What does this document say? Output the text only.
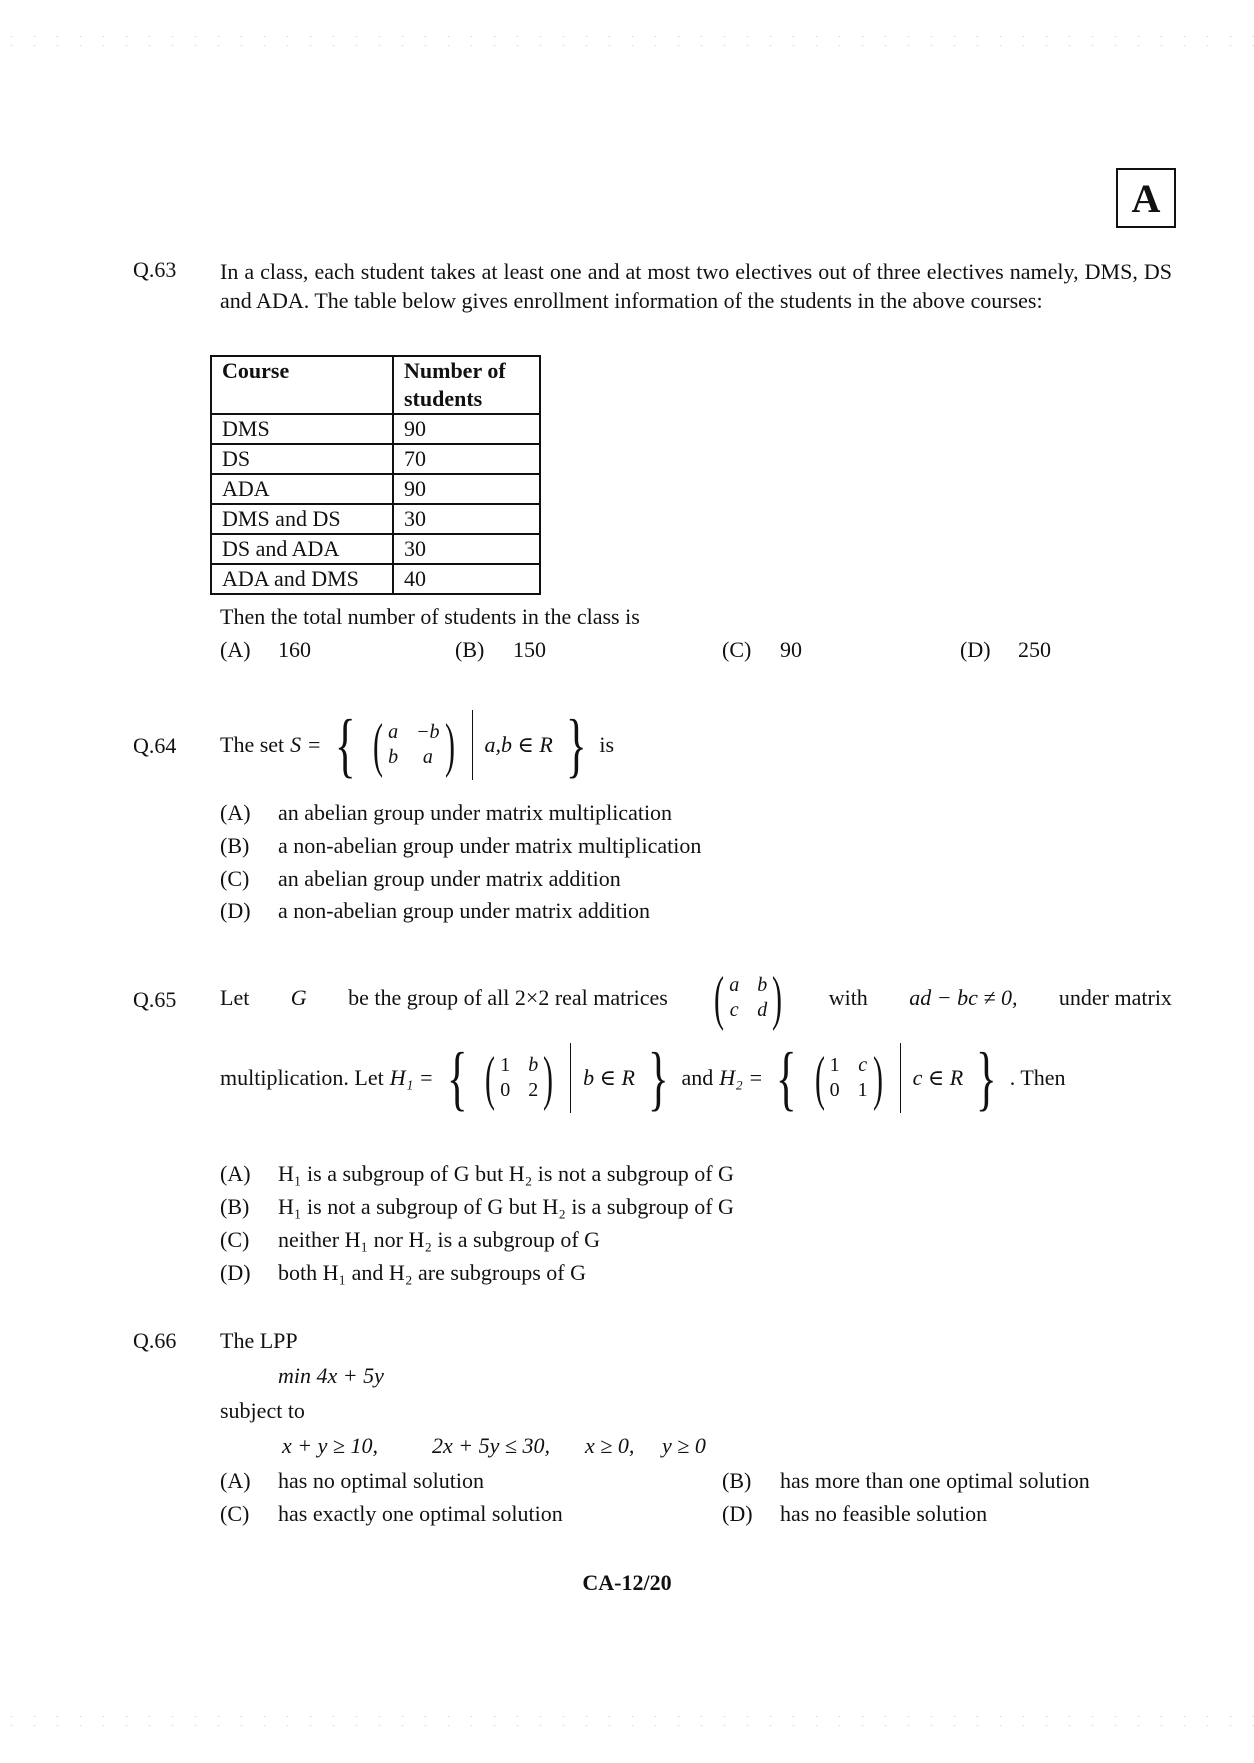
A
Q.63 In a class, each student takes at least one and at most two electives out of three electives namely, DMS, DS and ADA. The table below gives enrollment information of the students in the above courses:
Course	Number of students
DMS	90
DS	70
ADA	90
DMS and DS	30
DS and ADA	30
ADA and DMS	40
Then the total number of students in the class is
(A) 160	(B) 150	(C) 90	(D) 250
Q.64 The set S = { ( a −b
b	a ) a,b ∈ R } is
(A) an abelian group under matrix multiplication
(B) a non-abelian group under matrix multiplication
(C) an abelian group under matrix addition
(D) a non-abelian group under matrix addition
Q.65 Let G be the group of all 2×2 real matrices ( a b
c d ) with ad − bc ≠ 0, under matrix
multiplication. Let H₁ = { ( 1 b
0 2 ) b ∈ R } and H₂ = { ( 1 c
0 1 ) c ∈ R } . Then
(A) H₁ is a subgroup of G but H₂ is not a subgroup of G
(B) H₁ is not a subgroup of G but H₂ is a subgroup of G
(C) neither H₁ nor H₂ is a subgroup of G
(D) both H₁ and H₂ are subgroups of G
Q.66 The LPP
min 4x + 5y
subject to
x + y ≥ 10, 2x + 5y ≤ 30, x ≥ 0, y ≥ 0
(A) has no optimal solution	(B) has more than one optimal solution
(C) has exactly one optimal solution	(D) has no feasible solution
CA-12/20
